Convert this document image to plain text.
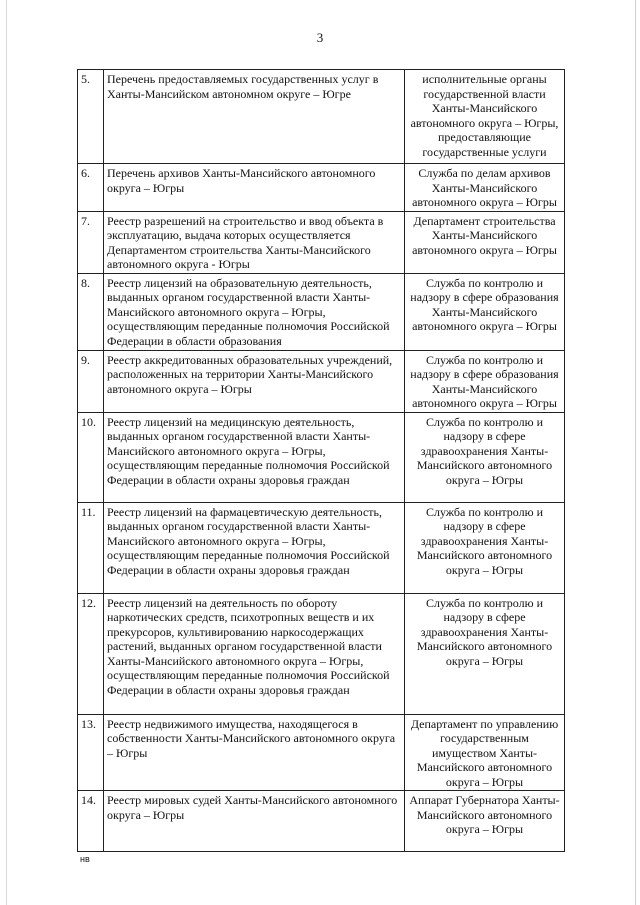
3
5.	Перечень предоставляемых государственных услуг в Ханты-Мансийском автономном округе – Югре	исполнительные органы государственной власти Ханты-Мансийского автономного округа – Югры, предоставляющие государственные услуги
6.	Перечень архивов Ханты-Мансийского автономного округа – Югры	Служба по делам архивов Ханты-Мансийского автономного округа – Югры
7.	Реестр разрешений на строительство и ввод объекта в эксплуатацию, выдача которых осуществляется Департаментом строительства Ханты-Мансийского автономного округа - Югры	Департамент строительства Ханты-Мансийского автономного округа – Югры
8.	Реестр лицензий на образовательную деятельность, выданных органом государственной власти Ханты-Мансийского автономного округа – Югры, осуществляющим переданные полномочия Российской Федерации в области образования	Служба по контролю и надзору в сфере образования Ханты-Мансийского автономного округа – Югры
9.	Реестр аккредитованных образовательных учреждений, расположенных на территории Ханты-Мансийского автономного округа – Югры	Служба по контролю и надзору в сфере образования Ханты-Мансийского автономного округа – Югры
10.	Реестр лицензий на медицинскую деятельность, выданных органом государственной власти Ханты-Мансийского автономного округа – Югры, осуществляющим переданные полномочия Российской Федерации в области охраны здоровья граждан	Служба по контролю и надзору в сфере здравоохранения Ханты-Мансийского автономного округа – Югры
11.	Реестр лицензий на фармацевтическую деятельность, выданных органом государственной власти Ханты-Мансийского автономного округа – Югры, осуществляющим переданные полномочия Российской Федерации в области охраны здоровья граждан	Служба по контролю и надзору в сфере здравоохранения Ханты-Мансийского автономного округа – Югры
12.	Реестр лицензий на деятельность по обороту наркотических средств, психотропных веществ и их прекурсоров, культивированию наркосодержащих растений, выданных органом государственной власти Ханты-Мансийского автономного округа – Югры, осуществляющим переданные полномочия Российской Федерации в области охраны здоровья граждан	Служба по контролю и надзору в сфере здравоохранения Ханты-Мансийского автономного округа – Югры
13.	Реестр недвижимого имущества, находящегося в собственности Ханты-Мансийского автономного округа – Югры	Департамент по управлению государственным имуществом Ханты-Мансийского автономного округа – Югры
14.	Реестр мировых судей Ханты-Мансийского автономного округа – Югры	Аппарат Губернатора Ханты-Мансийского автономного округа – Югры
нв
